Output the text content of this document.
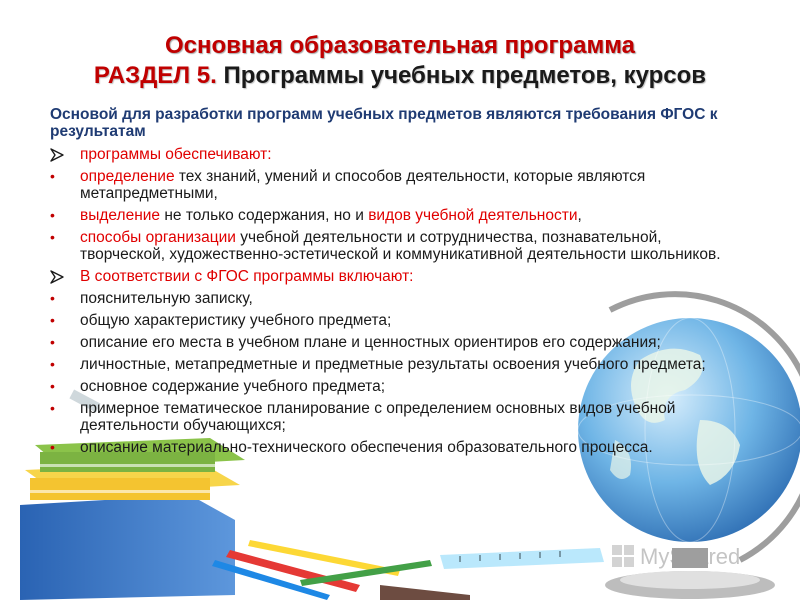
MyShared
Основная образовательная программа
РАЗДЕЛ 5. Программы учебных предметов, курсов

Основой для разработки программ учебных предметов являются требования ФГОС к результатам

программы обеспечивают:
•	определение тех знаний, умений и способов деятельности, которые являются метапредметными,
•	выделение не только содержания, но и видов учебной деятельности,
•	способы организации учебной деятельности и сотрудничества, познавательной, творческой, художественно-эстетической и коммуникативной деятельности школьников.
В соответствии с ФГОС программы включают:
•	пояснительную записку,
•	общую характеристику учебного предмета;
•	описание его места в учебном плане и ценностных ориентиров его содержания;
•	личностные, метапредметные и предметные результаты освоения учебного предмета;
•	основное содержание учебного предмета;
•	примерное тематическое планирование с определением основных видов учебной деятельности обучающихся;
•	описание материально-технического обеспечения образовательного процесса.
